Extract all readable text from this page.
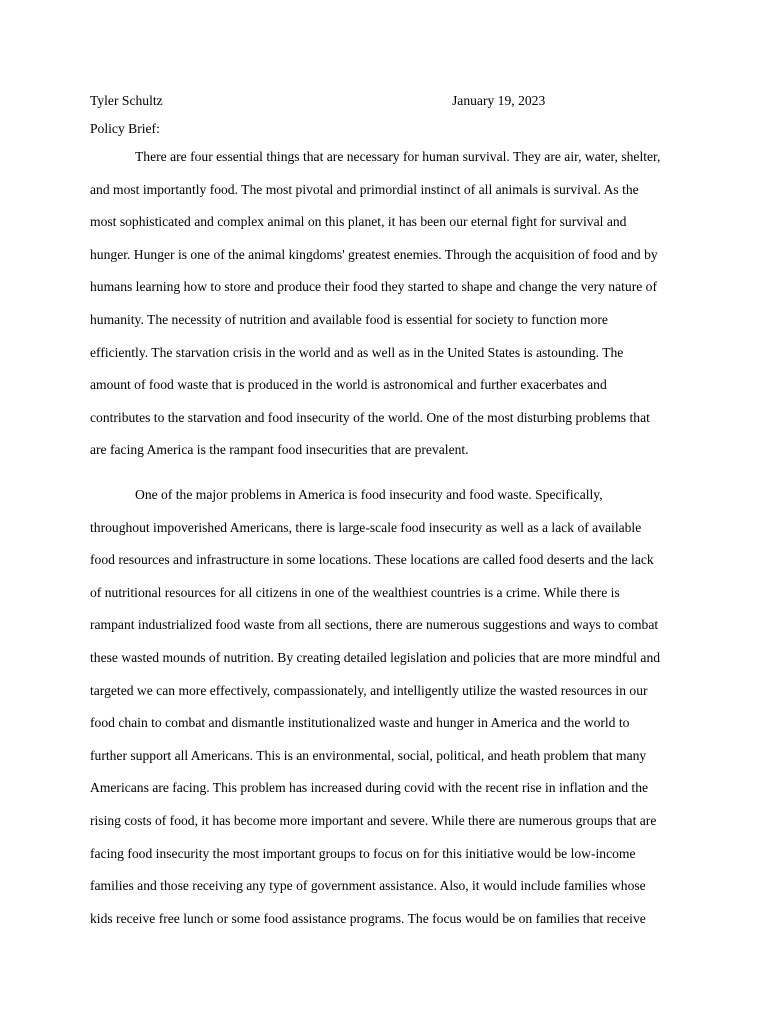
Tyler Schultz	January 19, 2023
Policy Brief:
There are four essential things that are necessary for human survival. They are air, water, shelter,
and most importantly food. The most pivotal and primordial instinct of all animals is survival. As the
most sophisticated and complex animal on this planet, it has been our eternal fight for survival and
hunger. Hunger is one of the animal kingdoms' greatest enemies. Through the acquisition of food and by
humans learning how to store and produce their food they started to shape and change the very nature of
humanity. The necessity of nutrition and available food is essential for society to function more
efficiently. The starvation crisis in the world and as well as in the United States is astounding. The
amount of food waste that is produced in the world is astronomical and further exacerbates and
contributes to the starvation and food insecurity of the world. One of the most disturbing problems that
are facing America is the rampant food insecurities that are prevalent.
One of the major problems in America is food insecurity and food waste. Specifically,
throughout impoverished Americans, there is large-scale food insecurity as well as a lack of available
food resources and infrastructure in some locations. These locations are called food deserts and the lack
of nutritional resources for all citizens in one of the wealthiest countries is a crime. While there is
rampant industrialized food waste from all sections, there are numerous suggestions and ways to combat
these wasted mounds of nutrition. By creating detailed legislation and policies that are more mindful and
targeted we can more effectively, compassionately, and intelligently utilize the wasted resources in our
food chain to combat and dismantle institutionalized waste and hunger in America and the world to
further support all Americans. This is an environmental, social, political, and heath problem that many
Americans are facing. This problem has increased during covid with the recent rise in inflation and the
rising costs of food, it has become more important and severe. While there are numerous groups that are
facing food insecurity the most important groups to focus on for this initiative would be low-income
families and those receiving any type of government assistance. Also, it would include families whose
kids receive free lunch or some food assistance programs. The focus would be on families that receive
